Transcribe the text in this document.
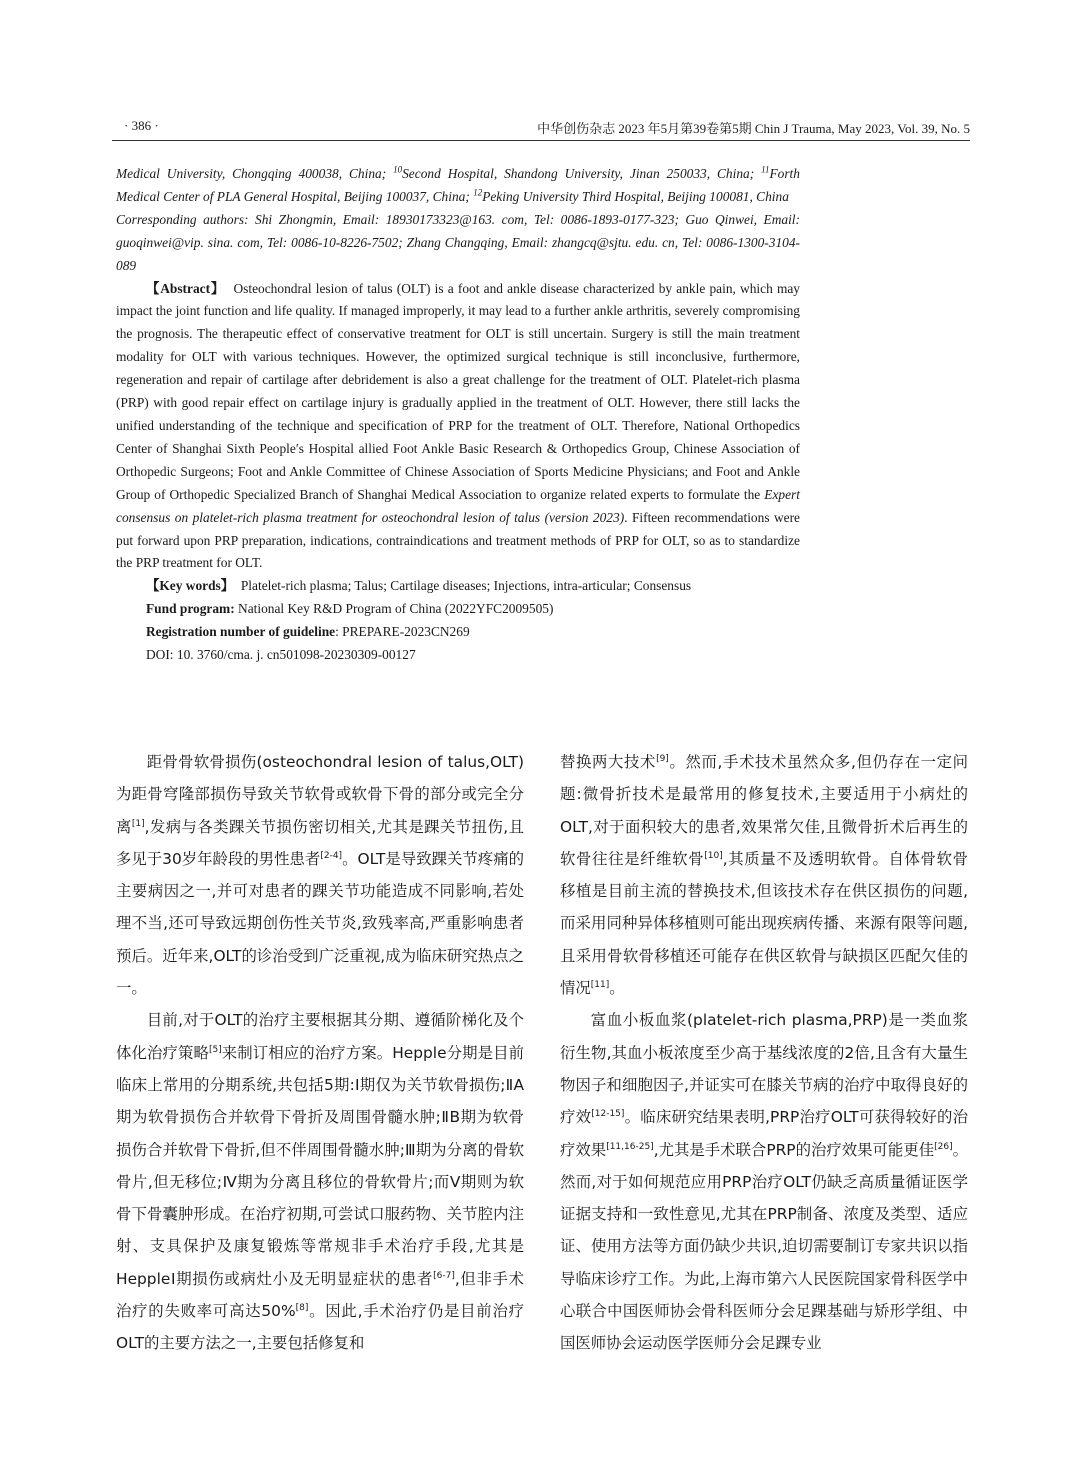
· 386 ·	中华创伤杂志 2023 年5月第39卷第5期 Chin J Trauma, May 2023, Vol. 39, No. 5

Medical University, Chongqing 400038, China; $^{10}$Second Hospital, Shandong University, Jinan 250033, China; $^{11}$Forth Medical Center of PLA General Hospital, Beijing 100037, China; $^{12}$Peking University Third Hospital, Beijing 100081, China

Corresponding authors: Shi Zhongmin, Email: 18930173323@163. com, Tel: 0086-1893-0177-323; Guo Qinwei, Email: guoqinwei@vip. sina. com, Tel: 0086-10-8226-7502; Zhang Changqing, Email: zhangcq@sjtu. edu. cn, Tel: 0086-1300-3104-089

【Abstract】 Osteochondral lesion of talus (OLT) is a foot and ankle disease characterized by ankle pain, which may impact the joint function and life quality. If managed improperly, it may lead to a further ankle arthritis, severely compromising the prognosis. The therapeutic effect of conservative treatment for OLT is still uncertain. Surgery is still the main treatment modality for OLT with various techniques. However, the optimized surgical technique is still inconclusive, furthermore, regeneration and repair of cartilage after debridement is also a great challenge for the treatment of OLT. Platelet-rich plasma (PRP) with good repair effect on cartilage injury is gradually applied in the treatment of OLT. However, there still lacks the unified understanding of the technique and specification of PRP for the treatment of OLT. Therefore, National Orthopedics Center of Shanghai Sixth People′s Hospital allied Foot Ankle Basic Research & Orthopedics Group, Chinese Association of Orthopedic Surgeons; Foot and Ankle Committee of Chinese Association of Sports Medicine Physicians; and Foot and Ankle Group of Orthopedic Specialized Branch of Shanghai Medical Association to organize related experts to formulate the Expert consensus on platelet-rich plasma treatment for osteochondral lesion of talus (version 2023). Fifteen recommendations were put forward upon PRP preparation, indications, contraindications and treatment methods of PRP for OLT, so as to standardize the PRP treatment for OLT.

【Key words】 Platelet-rich plasma; Talus; Cartilage diseases; Injections, intra-articular; Consensus

Fund program: National Key R&D Program of China (2022YFC2009505)

Registration number of guideline: PREPARE-2023CN269

DOI: 10. 3760/cma. j. cn501098-20230309-00127

距骨骨软骨损伤(osteochondral lesion of talus,OLT)为距骨穹隆部损伤导致关节软骨或软骨下骨的部分或完全分离[1],发病与各类踝关节损伤密切相关,尤其是踝关节扭伤,且多见于30岁年龄段的男性患者[2-4]。OLT是导致踝关节疼痛的主要病因之一,并可对患者的踝关节功能造成不同影响,若处理不当,还可导致远期创伤性关节炎,致残率高,严重影响患者预后。近年来,OLT的诊治受到广泛重视,成为临床研究热点之一。

目前,对于OLT的治疗主要根据其分期、遵循阶梯化及个体化治疗策略[5]来制订相应的治疗方案。Hepple分期是目前临床上常用的分期系统,共包括5期:Ⅰ期仅为关节软骨损伤;ⅡA期为软骨损伤合并软骨下骨折及周围骨髓水肿;ⅡB期为软骨损伤合并软骨下骨折,但不伴周围骨髓水肿;Ⅲ期为分离的骨软骨片,但无移位;Ⅳ期为分离且移位的骨软骨片;而Ⅴ期则为软骨下骨囊肿形成。在治疗初期,可尝试口服药物、关节腔内注射、支具保护及康复锻炼等常规非手术治疗手段,尤其是HeppleⅠ期损伤或病灶小及无明显症状的患者[6-7],但非手术治疗的失败率可高达50%[8]。因此,手术治疗仍是目前治疗OLT的主要方法之一,主要包括修复和

替换两大技术[9]。然而,手术技术虽然众多,但仍存在一定问题:微骨折技术是最常用的修复技术,主要适用于小病灶的OLT,对于面积较大的患者,效果常欠佳,且微骨折术后再生的软骨往往是纤维软骨[10],其质量不及透明软骨。自体骨软骨移植是目前主流的替换技术,但该技术存在供区损伤的问题,而采用同种异体移植则可能出现疾病传播、来源有限等问题,且采用骨软骨移植还可能存在供区软骨与缺损区匹配欠佳的情况[11]。

富血小板血浆(platelet-rich plasma,PRP)是一类血浆衍生物,其血小板浓度至少高于基线浓度的2倍,且含有大量生物因子和细胞因子,并证实可在膝关节病的治疗中取得良好的疗效[12-15]。临床研究结果表明,PRP治疗OLT可获得较好的治疗效果[11,16-25],尤其是手术联合PRP的治疗效果可能更佳[26]。然而,对于如何规范应用PRP治疗OLT仍缺乏高质量循证医学证据支持和一致性意见,尤其在PRP制备、浓度及类型、适应证、使用方法等方面仍缺少共识,迫切需要制订专家共识以指导临床诊疗工作。为此,上海市第六人民医院国家骨科医学中心联合中国医师协会骨科医师分会足踝基础与矫形学组、中国医师协会运动医学医师分会足踝专业
